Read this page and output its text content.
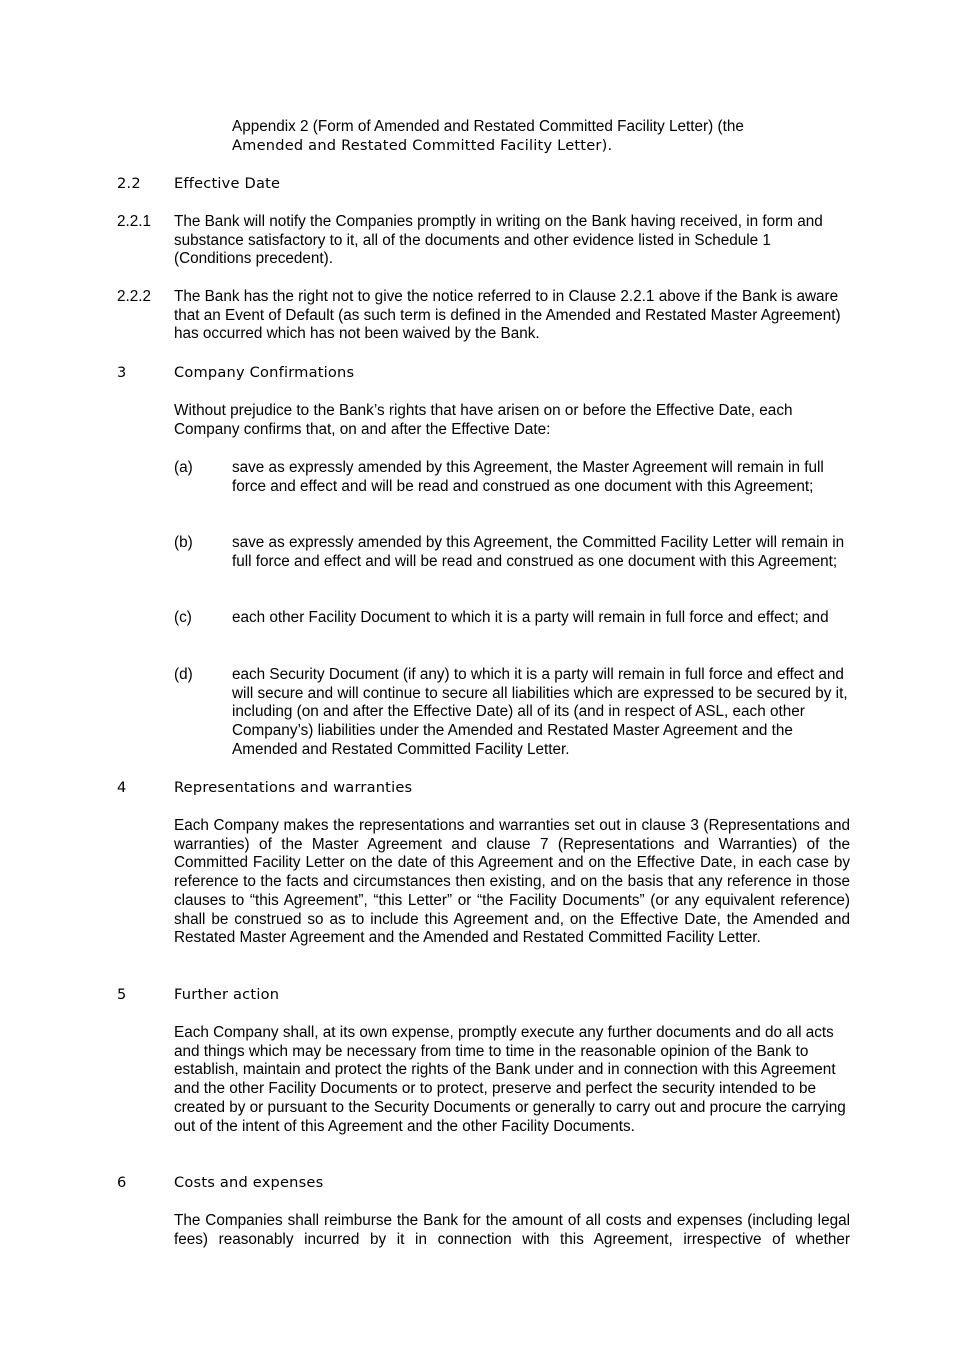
Appendix 2 (Form of Amended and Restated Committed Facility Letter) (the
Amended and Restated Committed Facility Letter).
2.2 Effective Date
2.2.1 The Bank will notify the Companies promptly in writing on the Bank having received, in form and substance satisfactory to it, all of the documents and other evidence listed in Schedule 1 (Conditions precedent).
2.2.2 The Bank has the right not to give the notice referred to in Clause 2.2.1 above if the Bank is aware that an Event of Default (as such term is defined in the Amended and Restated Master Agreement) has occurred which has not been waived by the Bank.
3	Company Confirmations
Without prejudice to the Bank’s rights that have arisen on or before the Effective Date, each Company confirms that, on and after the Effective Date:
(a)	save as expressly amended by this Agreement, the Master Agreement will remain in full force and effect and will be read and construed as one document with this Agreement;
(b)	save as expressly amended by this Agreement, the Committed Facility Letter will remain in full force and effect and will be read and construed as one document with this Agreement;
(c)	each other Facility Document to which it is a party will remain in full force and effect; and
(d)	each Security Document (if any) to which it is a party will remain in full force and effect and will secure and will continue to secure all liabilities which are expressed to be secured by it, including (on and after the Effective Date) all of its (and in respect of ASL, each other Company’s) liabilities under the Amended and Restated Master Agreement and the Amended and Restated Committed Facility Letter.
4	Representations and warranties
Each Company makes the representations and warranties set out in clause 3 (Representations and warranties) of the Master Agreement and clause 7 (Representations and Warranties) of the Committed Facility Letter on the date of this Agreement and on the Effective Date, in each case by reference to the facts and circumstances then existing, and on the basis that any reference in those clauses to “this Agreement”, “this Letter” or “the Facility Documents” (or any equivalent reference) shall be construed so as to include this Agreement and, on the Effective Date, the Amended and Restated Master Agreement and the Amended and Restated Committed Facility Letter.
5	Further action
Each Company shall, at its own expense, promptly execute any further documents and do all acts and things which may be necessary from time to time in the reasonable opinion of the Bank to establish, maintain and protect the rights of the Bank under and in connection with this Agreement and the other Facility Documents or to protect, preserve and perfect the security intended to be created by or pursuant to the Security Documents or generally to carry out and procure the carrying out of the intent of this Agreement and the other Facility Documents.
6	Costs and expenses
The Companies shall reimburse the Bank for the amount of all costs and expenses (including legal fees) reasonably incurred by it in connection with this Agreement, irrespective of whether
